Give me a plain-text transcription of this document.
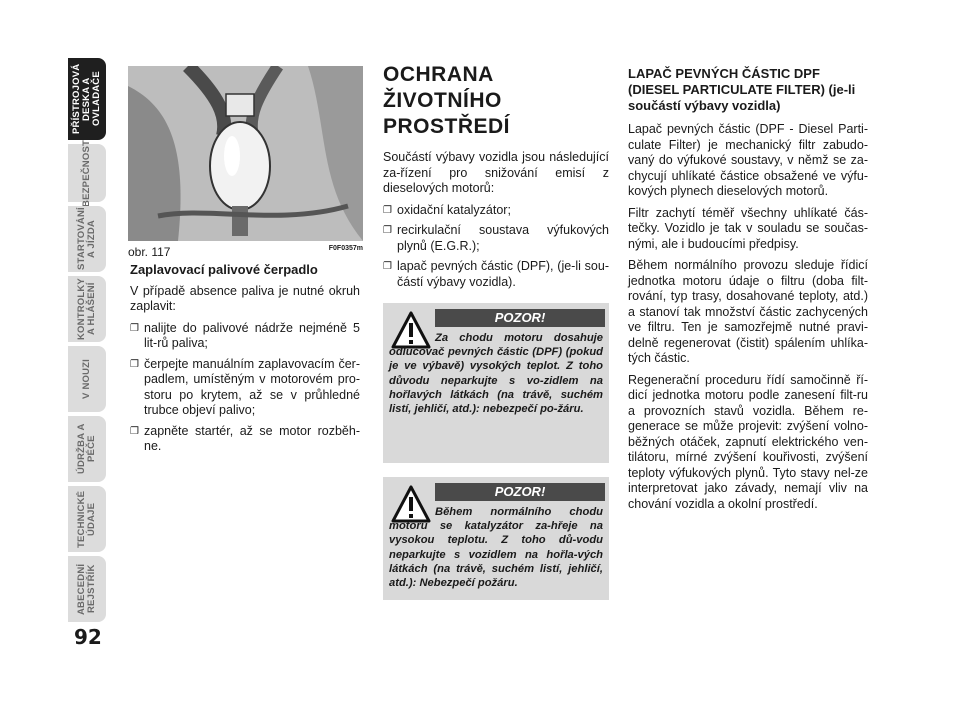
PŘÍSTROJOVÁ DESKA A OVLADAČE
BEZPEČNOST
STARTOVÁNÍ A JÍZDA
KONTROLKY A HLÁŠENÍ
V NOUZI
ÚDRŽBA A PÉČE
TECHNICKÉ ÚDAJE
ABECEDNÍ REJSTŘÍK
92
obr. 117	F0F0357m
Zaplavovací palivové čerpadlo

V případě absence paliva je nutné okruh zaplavit:

❐ nalijte do palivové nádrže nejméně 5 lit-rů paliva;
❐ čerpejte manuálním zaplavovacím čer-padlem, umístěným v motorovém pro-storu po krytem, až se v průhledné trubce objeví palivo;
❐ zapněte startér, až se motor rozběh-ne.
OCHRANA ŽIVOTNÍHO PROSTŘEDÍ

Součástí výbavy vozidla jsou následující za-řízení pro snižování emisí z dieselových motorů:

❐ oxidační katalyzátor;
❐ recirkulační soustava výfukových plynů (E.G.R.);
❐ lapač pevných částic (DPF), (je-li sou-částí výbavy vozidla).
POZOR!
Za chodu motoru dosahuje odlučovač pevných částic (DPF) (pokud je ve výbavě) vysokých teplot. Z toho důvodu neparkujte s vo-zidlem na hořlavých látkách (na trávě, suchém listí, jehličí, atd.): nebezpečí po-žáru.
POZOR!
Během normálního chodu motoru se katalyzátor za-hřeje na vysokou teplotu. Z toho dů-vodu neparkujte s vozidlem na hořla-vých látkách (na trávě, suchém listí, jehličí, atd.): Nebezpečí požáru.
LAPAČ PEVNÝCH ČÁSTIC DPF (DIESEL PARTICULATE FILTER) (je-li součástí výbavy vozidla)

Lapač pevných částic (DPF - Diesel Parti-culate Filter) je mechanický filtr zabudo-vaný do výfukové soustavy, v němž se za-chycují uhlíkaté částice obsažené ve výfu-kových plynech dieselových motorů.

Filtr zachytí téměř všechny uhlíkaté čás-tečky. Vozidlo je tak v souladu se součas-nými, ale i budoucími předpisy.

Během normálního provozu sleduje řídicí jednotka motoru údaje o filtru (doba filt-rování, typ trasy, dosahované teploty, atd.) a stanoví tak množství částic zachycených ve filtru. Ten je samozřejmě nutné pravi-delně regenerovat (čistit) spálením uhlíka-tých částic.

Regenerační proceduru řídí samočinně ří-dicí jednotka motoru podle zanesení filt-ru a provozních stavů vozidla. Během re-generace se může projevit: zvýšení volno-běžných otáček, zapnutí elektrického ven-tilátoru, mírné zvýšení kouřivosti, zvýšení teploty výfukových plynů. Tyto stavy nel-ze interpretovat jako závady, nemají vliv na chování vozidla a okolní prostředí.
